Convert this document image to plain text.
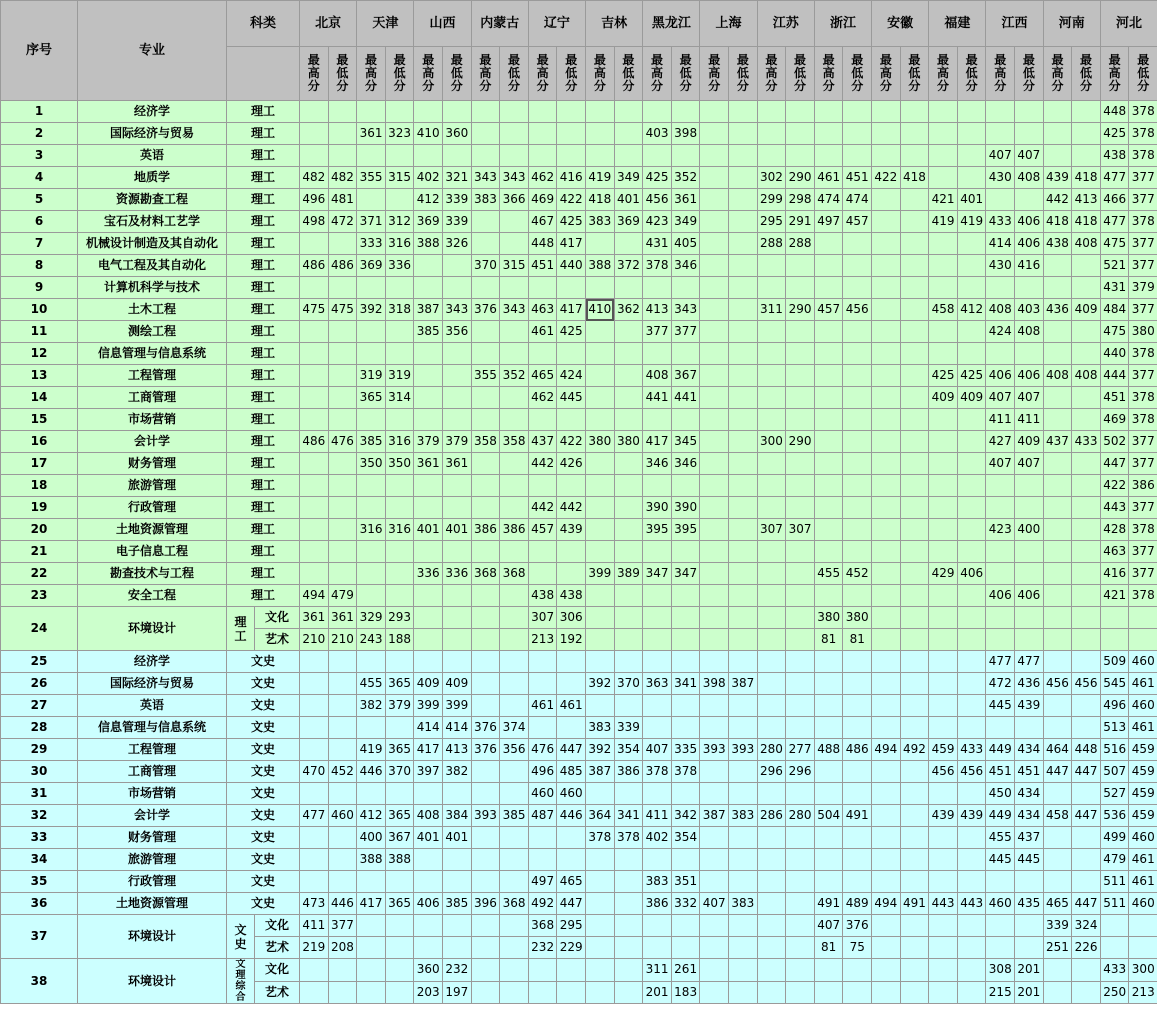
序号	专业	科类		北京		天津		山西		内蒙古		辽宁		吉林		黑龙江		上海		江苏		浙江		安徽		福建		江西		河南		河北	

				最高分	最低分	最高分	最低分	最高分	最低分	最高分	最低分	最高分	最低分	最高分	最低分	最高分	最低分	最高分	最低分	最高分	最低分	最高分	最低分	最高分	最低分	最高分	最低分	最高分	最低分	最高分	最低分	最高分	最低分

1	经济学	理工																														448	378
2	国际经济与贸易	理工				361	323	410	360							403	398															425	378
3	英语	理工																										407	407			438	378
4	地质学	理工		482	482	355	315	402	321	343	343	462	416	419	349	425	352			302	290	461	451	422	418			430	408	439	418	477	377
5	资源勘查工程	理工		496	481			412	339	383	366	469	422	418	401	456	361			299	298	474	474			421	401			442	413	466	377
6	宝石及材料工艺学	理工		498	472	371	312	369	339			467	425	383	369	423	349			295	291	497	457			419	419	433	406	418	418	477	378
7	机械设计制造及其自动化	理工				333	316	388	326			448	417			431	405			288	288							414	406	438	408	475	377
8	电气工程及其自动化	理工		486	486	369	336			370	315	451	440	388	372	378	346											430	416			521	377
9	计算机科学与技术	理工																														431	379
10	土木工程	理工		475	475	392	318	387	343	376	343	463	417	410	362	413	343			311	290	457	456			458	412	408	403	436	409	484	377
11	测绘工程	理工						385	356			461	425			377	377											424	408			475	380
12	信息管理与信息系统	理工																														440	378
13	工程管理	理工				319	319			355	352	465	424			408	367									425	425	406	406	408	408	444	377
14	工商管理	理工				365	314					462	445			441	441									409	409	407	407			451	378
15	市场营销	理工																										411	411			469	378
16	会计学	理工		486	476	385	316	379	379	358	358	437	422	380	380	417	345			300	290							427	409	437	433	502	377
17	财务管理	理工				350	350	361	361			442	426			346	346											407	407			447	377
18	旅游管理	理工																														422	386
19	行政管理	理工										442	442			390	390															443	377
20	土地资源管理	理工				316	316	401	401	386	386	457	439			395	395			307	307							423	400			428	378
21	电子信息工程	理工																														463	377
22	勘查技术与工程	理工						336	336	368	368			399	389	347	347					455	452			429	406					416	377
23	安全工程	理工		494	479							438	438															406	406			421	378
24	环境设计	理工	文化	361	361	329	293					307	306									380	380										
			艺术	210	210	243	188					213	192									81	81										
25	经济学	文史																										477	477			509	460
26	国际经济与贸易	文史				455	365	409	409					392	370	363	341	398	387									472	436	456	456	545	461
27	英语	文史				382	379	399	399			461	461															445	439			496	460
28	信息管理与信息系统	文史						414	414	376	374			383	339																	513	461
29	工程管理	文史				419	365	417	413	376	356	476	447	392	354	407	335	393	393	280	277	488	486	494	492	459	433	449	434	464	448	516	459
30	工商管理	文史		470	452	446	370	397	382			496	485	387	386	378	378			296	296					456	456	451	451	447	447	507	459
31	市场营销	文史										460	460															450	434			527	459
32	会计学	文史		477	460	412	365	408	384	393	385	487	446	364	341	411	342	387	383	286	280	504	491			439	439	449	434	458	447	536	459
33	财务管理	文史				400	367	401	401					378	378	402	354											455	437			499	460
34	旅游管理	文史				388	388																					445	445			479	461
35	行政管理	文史										497	465			383	351															511	461
36	土地资源管理	文史		473	446	417	365	406	385	396	368	492	447			386	332	407	383			491	489	494	491	443	443	460	435	465	447	511	460
37	环境设计	文史	文化	411	377							368	295									407	376							339	324		
			艺术	219	208							232	229									81	75							251	226		
38	环境设计	文理综合	文化					360	232							311	261											308	201			433	300
			艺术					203	197							201	183											215	201			250	213
